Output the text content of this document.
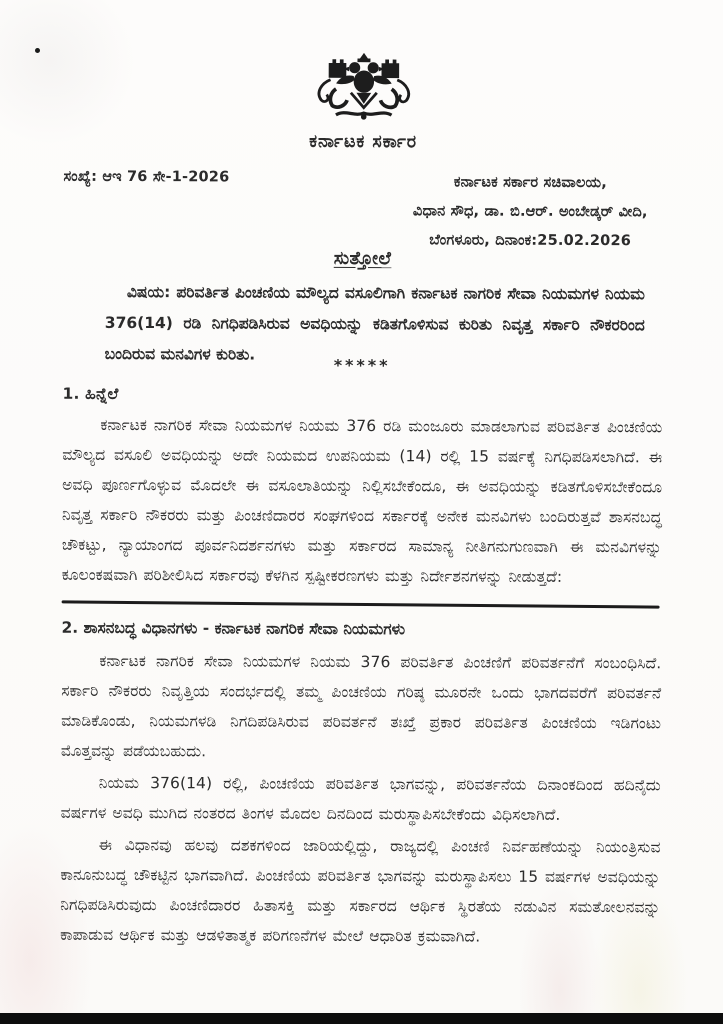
ಕರ್ನಾಟಕ ಸರ್ಕಾರ
ಸಂಖ್ಯೆ: ಆಇ 76 ಸೇ-1-2026	ಕರ್ನಾಟಕ ಸರ್ಕಾರ ಸಚಿವಾಲಯ,
ವಿಧಾನ ಸೌಧ, ಡಾ. ಬಿ.ಆರ್. ಅಂಬೇಡ್ಕರ್ ವೀದಿ,
ಬೆಂಗಳೂರು, ದಿನಾಂಕ:25.02.2026
ಸುತ್ತೋಲೆ
ವಿಷಯ: ಪರಿವರ್ತಿತ ಪಿಂಚಣಿಯ ಮೌಲ್ಯದ ವಸೂಲಿಗಾಗಿ ಕರ್ನಾಟಕ ನಾಗರಿಕ ಸೇವಾ ನಿಯಮಗಳ ನಿಯಮ 376(14) ರಡಿ ನಿಗಧಿಪಡಿಸಿರುವ ಅವಧಿಯನ್ನು ಕಡಿತಗೊಳಿಸುವ ಕುರಿತು ನಿವೃತ್ತ ಸರ್ಕಾರಿ ನೌಕರರಿಂದ ಬಂದಿರುವ ಮನವಿಗಳ ಕುರಿತು.
*****
1. ಹಿನ್ನೆಲೆ

ಕರ್ನಾಟಕ ನಾಗರಿಕ ಸೇವಾ ನಿಯಮಗಳ ನಿಯಮ 376 ರಡಿ ಮಂಜೂರು ಮಾಡಲಾಗುವ ಪರಿವರ್ತಿತ ಪಿಂಚಣಿಯ ಮೌಲ್ಯದ ವಸೂಲಿ ಅವಧಿಯನ್ನು ಅದೇ ನಿಯಮದ ಉಪನಿಯಮ (14) ರಲ್ಲಿ 15 ವರ್ಷಕ್ಕೆ ನಿಗಧಿಪಡಿಸಲಾಗಿದೆ. ಈ ಅವಧಿ ಪೂರ್ಣಗೊಳ್ಳುವ ಮೊದಲೇ ಈ ವಸೂಲಾತಿಯನ್ನು ನಿಲ್ಲಿಸಬೇಕೆಂದೂ, ಈ ಅವಧಿಯನ್ನು ಕಡಿತಗೊಳಿಸಬೇಕೆಂದೂ ನಿವೃತ್ತ ಸರ್ಕಾರಿ ನೌಕರರು ಮತ್ತು ಪಿಂಚಣಿದಾರರ ಸಂಘಗಳಿಂದ ಸರ್ಕಾರಕ್ಕೆ ಅನೇಕ ಮನವಿಗಳು ಬಂದಿರುತ್ತವೆ ಶಾಸನಬದ್ಧ ಚೌಕಟ್ಟು, ನ್ಯಾಯಾಂಗದ ಪೂರ್ವನಿದರ್ಶನಗಳು ಮತ್ತು ಸರ್ಕಾರದ ಸಾಮಾನ್ಯ ನೀತಿಗನುಗುಣವಾಗಿ ಈ ಮನವಿಗಳನ್ನು ಕೂಲಂಕಷವಾಗಿ ಪರಿಶೀಲಿಸಿದ ಸರ್ಕಾರವು ಕೆಳಗಿನ ಸ್ಪಷ್ಟೀಕರಣಗಳು ಮತ್ತು ನಿರ್ದೇಶನಗಳನ್ನು ನೀಡುತ್ತದೆ:

2. ಶಾಸನಬದ್ಧ ವಿಧಾನಗಳು - ಕರ್ನಾಟಕ ನಾಗರಿಕ ಸೇವಾ ನಿಯಮಗಳು

ಕರ್ನಾಟಕ ನಾಗರಿಕ ಸೇವಾ ನಿಯಮಗಳ ನಿಯಮ 376 ಪರಿವರ್ತಿತ ಪಿಂಚಣಿಗೆ ಪರಿವರ್ತನೆಗೆ ಸಂಬಂಧಿಸಿದೆ. ಸರ್ಕಾರಿ ನೌಕರರು ನಿವೃತ್ತಿಯ ಸಂದರ್ಭದಲ್ಲಿ ತಮ್ಮ ಪಿಂಚಣಿಯ ಗರಿಷ್ಠ ಮೂರನೇ ಒಂದು ಭಾಗದವರೆಗೆ ಪರಿವರ್ತನೆ ಮಾಡಿಕೊಂಡು, ನಿಯಮಗಳಡಿ ನಿಗದಿಪಡಿಸಿರುವ ಪರಿವರ್ತನೆ ತಃಖ್ತೆ ಪ್ರಕಾರ ಪರಿವರ್ತಿತ ಪಿಂಚಣಿಯ ಇಡಿಗಂಟು ಮೊತ್ತವನ್ನು ಪಡೆಯಬಹುದು.

ನಿಯಮ 376(14) ರಲ್ಲಿ, ಪಿಂಚಣಿಯ ಪರಿವರ್ತಿತ ಭಾಗವನ್ನು, ಪರಿವರ್ತನೆಯ ದಿನಾಂಕದಿಂದ ಹದಿನೈದು ವರ್ಷಗಳ ಅವಧಿ ಮುಗಿದ ನಂತರದ ತಿಂಗಳ ಮೊದಲ ದಿನದಿಂದ ಮರುಸ್ಥಾಪಿಸಬೇಕೆಂದು ವಿಧಿಸಲಾಗಿದೆ.

ಈ ವಿಧಾನವು ಹಲವು ದಶಕಗಳಿಂದ ಜಾರಿಯಲ್ಲಿದ್ದು, ರಾಜ್ಯದಲ್ಲಿ ಪಿಂಚಣಿ ನಿರ್ವಹಣೆಯನ್ನು ನಿಯಂತ್ರಿಸುವ ಕಾನೂನುಬದ್ಧ ಚೌಕಟ್ಟಿನ ಭಾಗವಾಗಿದೆ. ಪಿಂಚಣಿಯ ಪರಿವರ್ತಿತ ಭಾಗವನ್ನು ಮರುಸ್ಥಾಪಿಸಲು 15 ವರ್ಷಗಳ ಅವಧಿಯನ್ನು ನಿಗಧಿಪಡಿಸಿರುವುದು ಪಿಂಚಣಿದಾರರ ಹಿತಾಸಕ್ತಿ ಮತ್ತು ಸರ್ಕಾರದ ಆರ್ಥಿಕ ಸ್ಥಿರತೆಯ ನಡುವಿನ ಸಮತೋಲನವನ್ನು ಕಾಪಾಡುವ ಆರ್ಥಿಕ ಮತ್ತು ಆಡಳಿತಾತ್ಮಕ ಪರಿಗಣನೆಗಳ ಮೇಲೆ ಆಧಾರಿತ ಕ್ರಮವಾಗಿದೆ.
